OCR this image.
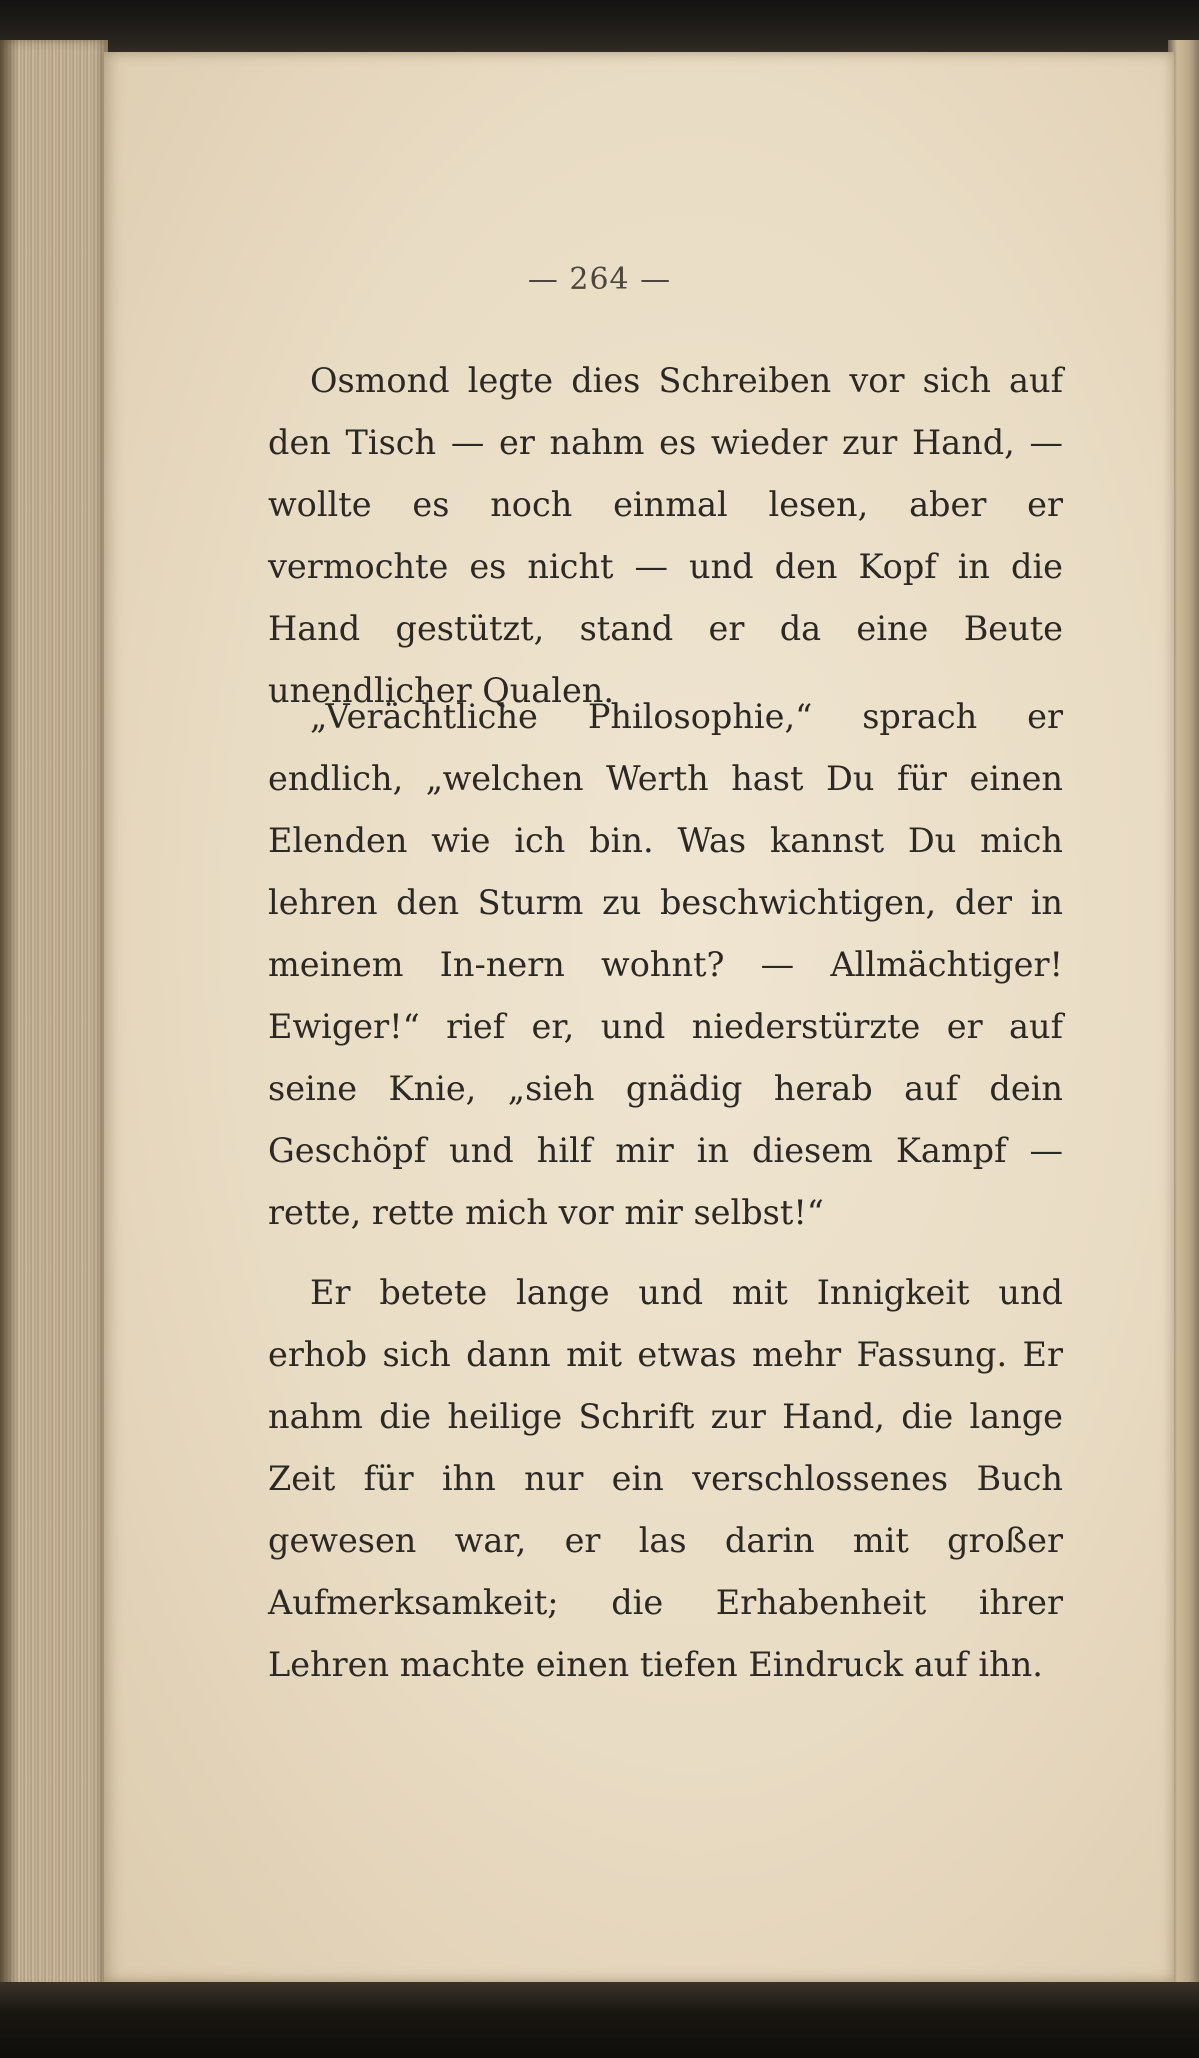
— 264 —

Osmond legte dies Schreiben vor sich auf den Tisch — er nahm es wieder zur Hand, — wollte es noch einmal lesen, aber er vermochte es nicht — und den Kopf in die Hand gestützt, stand er da eine Beute unendlicher Qualen.

„Verächtliche Philosophie,“ sprach er endlich, „welchen Werth hast Du für einen Elenden wie ich bin. Was kannst Du mich lehren den Sturm zu beschwichtigen, der in meinem In-nern wohnt? — Allmächtiger! Ewiger!“ rief er, und niederstürzte er auf seine Knie, „sieh gnädig herab auf dein Geschöpf und hilf mir in diesem Kampf — rette, rette mich vor mir selbst!“

Er betete lange und mit Innigkeit und erhob sich dann mit etwas mehr Fassung. Er nahm die heilige Schrift zur Hand, die lange Zeit für ihn nur ein verschlossenes Buch gewesen war, er las darin mit großer Aufmerksamkeit; die Erhabenheit ihrer Lehren machte einen tiefen Eindruck auf ihn.
